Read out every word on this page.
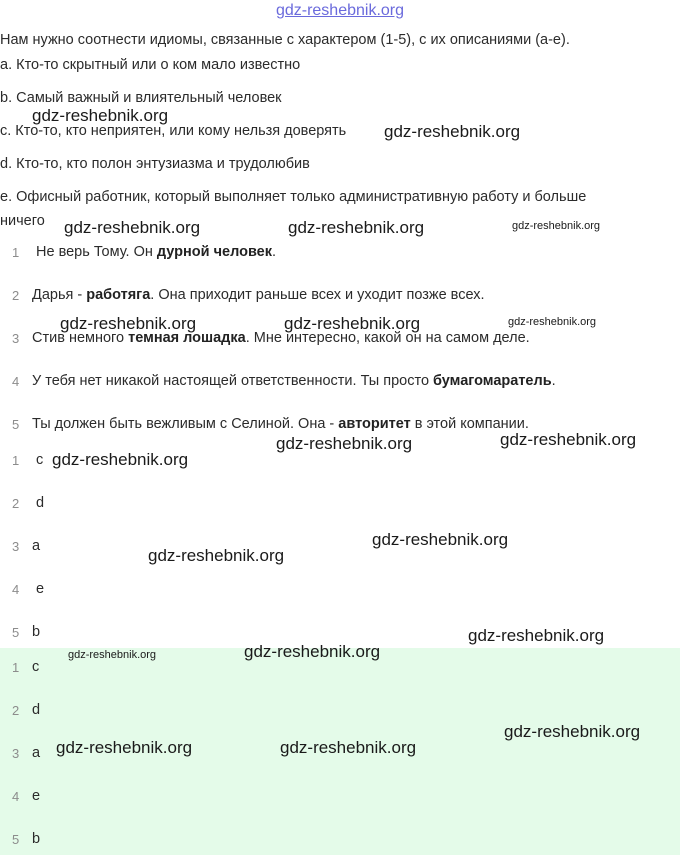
gdz-reshebnik.org
Нам нужно соотнести идиомы, связанные с характером (1-5), с их описаниями (a-e).
a. Кто-то скрытный или о ком мало известно
b. Самый важный и влиятельный человек
c. Кто-то, кто неприятен, или кому нельзя доверять
d. Кто-то, кто полон энтузиазма и трудолюбив
e. Офисный работник, который выполняет только административную работу и больше
ничего
1 Не верь Тому. Он дурной человек.
2 Дарья - работяга. Она приходит раньше всех и уходит позже всех.
3 Стив немного темная лошадка. Мне интересно, какой он на самом деле.
4 У тебя нет никакой настоящей ответственности. Ты просто бумагомаратель.
5 Ты должен быть вежливым с Селиной. Она - авторитет в этой компании.
1 c
2 d
3 a
4 e
5 b
1 c
2 d
3 a
4 e
5 b
gdz-reshebnik.org
gdz-reshebnik.org
gdz-reshebnik.org	gdz-reshebnik.org	gdz-reshebnik.org
gdz-reshebnik.org	gdz-reshebnik.org	gdz-reshebnik.org
gdz-reshebnik.org	gdz-reshebnik.org
gdz-reshebnik.org
gdz-reshebnik.org
gdz-reshebnik.org
gdz-reshebnik.org
gdz-reshebnik.org	gdz-reshebnik.org
gdz-reshebnik.org
gdz-reshebnik.org	gdz-reshebnik.org
